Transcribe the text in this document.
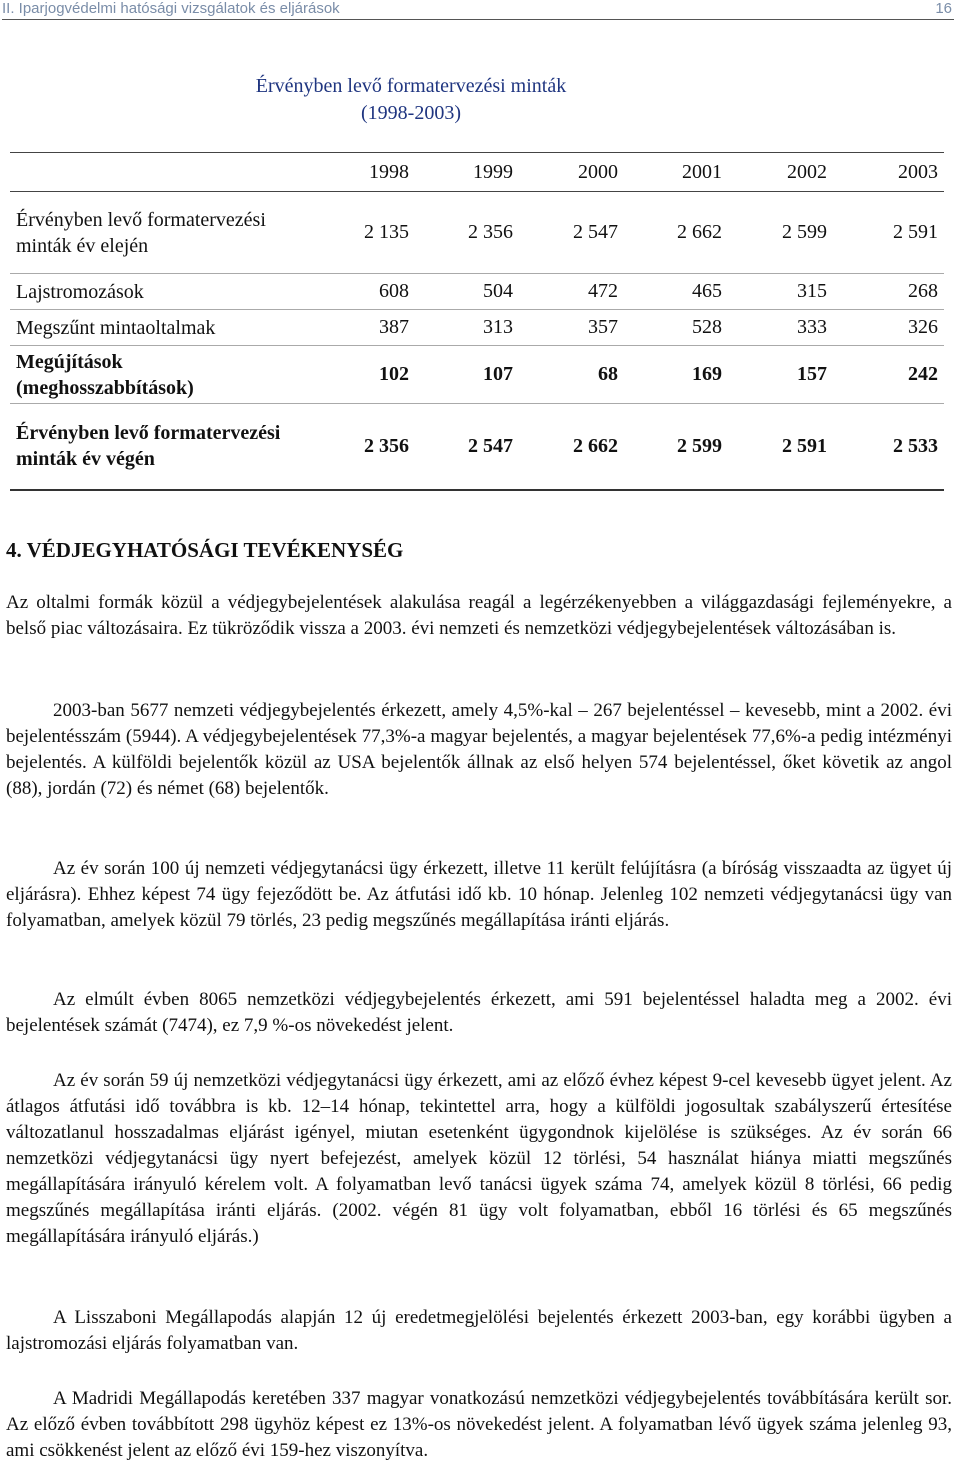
II. Iparjogvédelmi hatósági vizsgálatok és eljárások	16
Érvényben levő formatervezési minták
(1998-2003)
	1998	1999	2000	2001	2002	2003
Érvényben levő formatervezési minták év elején	2 135	2 356	2 547	2 662	2 599	2 591
Lajstromozások	608	504	472	465	315	268
Megszűnt mintaoltalmak	387	313	357	528	333	326
Megújítások (meghosszabbítások)	102	107	68	169	157	242
Érvényben levő formatervezési minták év végén	2 356	2 547	2 662	2 599	2 591	2 533
4. VÉDJEGYHATÓSÁGI TEVÉKENYSÉG

Az oltalmi formák közül a védjegybejelentések alakulása reagál a legérzékenyebben a világgazdasági fejleményekre, a belső piac változásaira. Ez tükröződik vissza a 2003. évi nemzeti és nemzetközi védjegybejelentések változásában is.

2003-ban 5677 nemzeti védjegybejelentés érkezett, amely 4,5%-kal – 267 bejelentéssel – kevesebb, mint a 2002. évi bejelentésszám (5944). A védjegybejelentések 77,3%-a magyar bejelentés, a magyar bejelentések 77,6%-a pedig intézményi bejelentés. A külföldi bejelentők közül az USA bejelentők állnak az első helyen 574 bejelentéssel, őket követik az angol (88), jordán (72) és német (68) bejelentők.

Az év során 100 új nemzeti védjegytanácsi ügy érkezett, illetve 11 került felújításra (a bíróság visszaadta az ügyet új eljárásra). Ehhez képest 74 ügy fejeződött be. Az átfutási idő kb. 10 hónap. Jelenleg 102 nemzeti védjegytanácsi ügy van folyamatban, amelyek közül 79 törlés, 23 pedig megszűnés megállapítása iránti eljárás.

Az elmúlt évben 8065 nemzetközi védjegybejelentés érkezett, ami 591 bejelentéssel haladta meg a 2002. évi bejelentések számát (7474), ez 7,9 %-os növekedést jelent.

Az év során 59 új nemzetközi védjegytanácsi ügy érkezett, ami az előző évhez képest 9-cel kevesebb ügyet jelent. Az átlagos átfutási idő továbbra is kb. 12–14 hónap, tekintettel arra, hogy a külföldi jogosultak szabályszerű értesítése változatlanul hosszadalmas eljárást igényel, miutan esetenként ügygondnok kijelölése is szükséges. Az év során 66 nemzetközi védjegytanácsi ügy nyert befejezést, amelyek közül 12 törlési, 54 használat hiánya miatti megszűnés megállapítására irányuló kérelem volt. A folyamatban levő tanácsi ügyek száma 74, amelyek közül 8 törlési, 66 pedig megszűnés megállapítása iránti eljárás. (2002. végén 81 ügy volt folyamatban, ebből 16 törlési és 65 megszűnés megállapítására irányuló eljárás.)

A Lisszaboni Megállapodás alapján 12 új eredetmegjelölési bejelentés érkezett 2003-ban, egy korábbi ügyben a lajstromozási eljárás folyamatban van.

A Madridi Megállapodás keretében 337 magyar vonatkozású nemzetközi védjegybejelentés továbbítására került sor. Az előző évben továbbított 298 ügyhöz képest ez 13%-os növekedést jelent. A folyamatban lévő ügyek száma jelenleg 93, ami csökkenést jelent az előző évi 159-hez viszonyítva.
